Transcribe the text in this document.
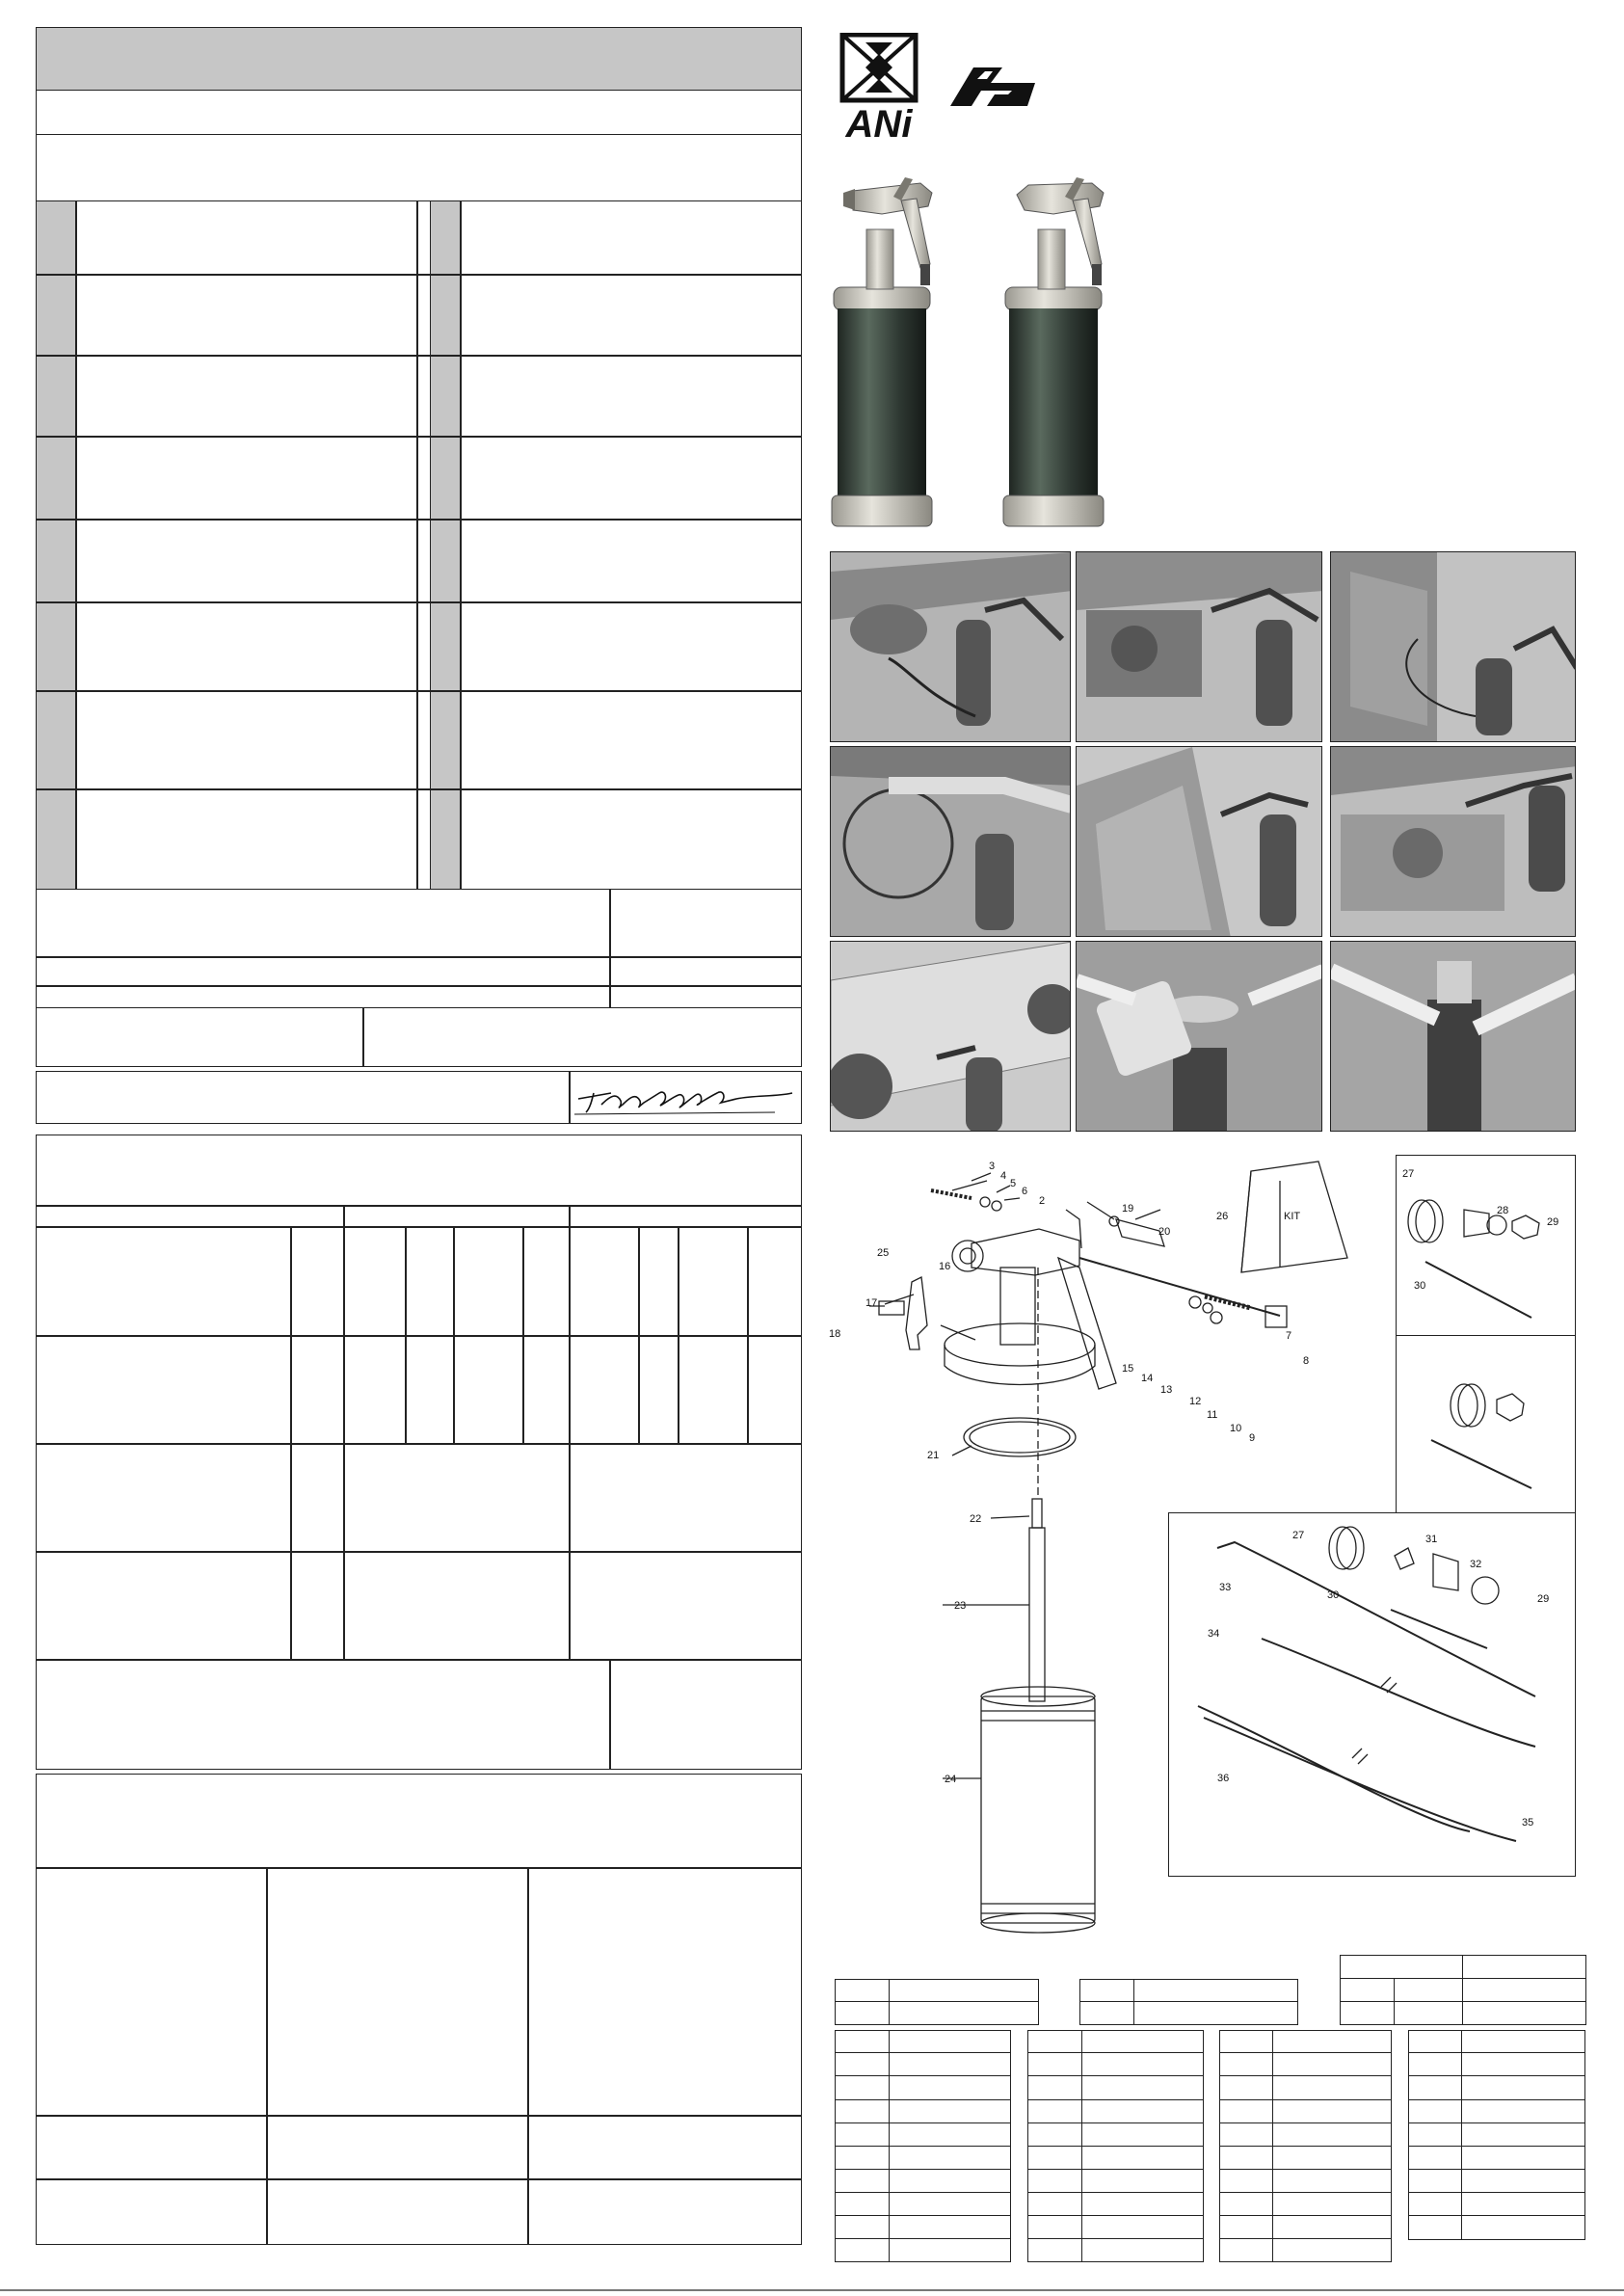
ANi
3
4
5
6
2
19
20
26	KIT
25
16
17
18	7
8
15
14
13
12
11
10
9
21
22
23
24
27
28
29
30
27	31
32
29
33
30
34
36
35
